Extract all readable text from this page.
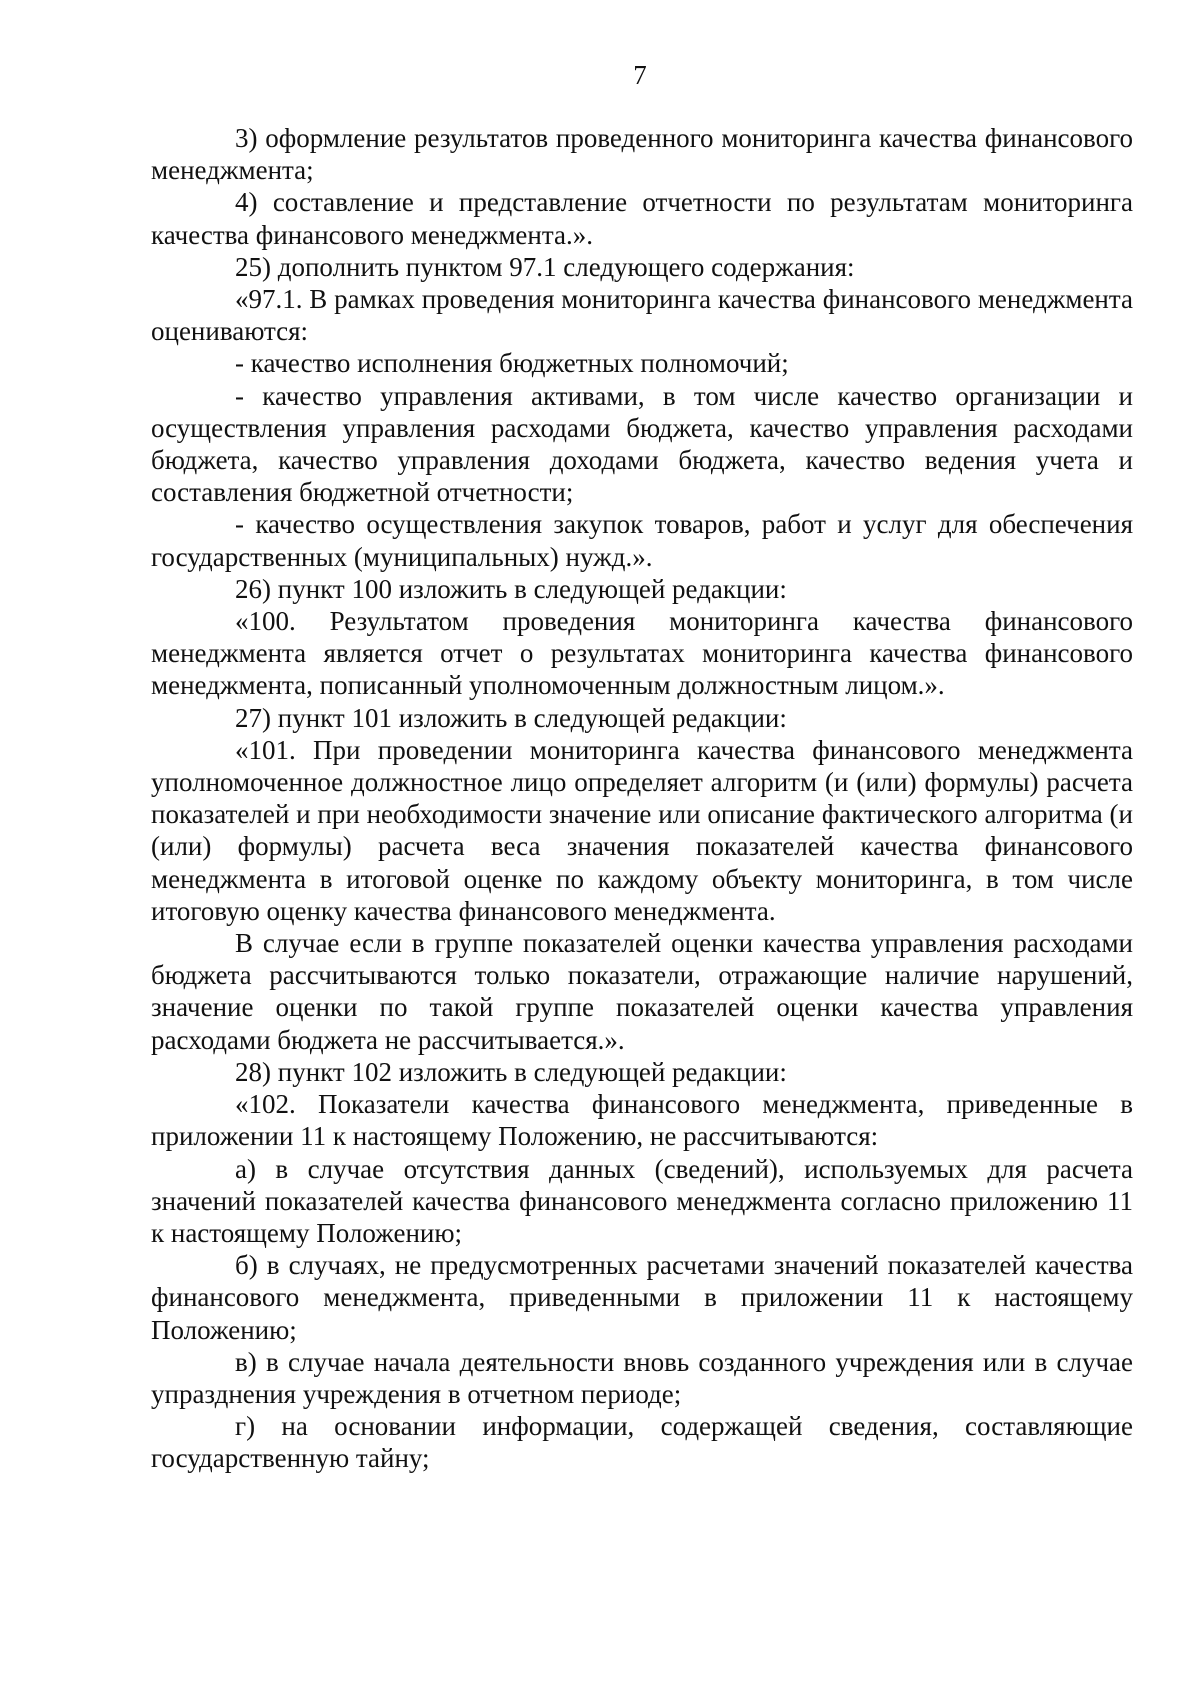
7

3) оформление результатов проведенного мониторинга качества финансового менеджмента;

4) составление и представление отчетности по результатам мониторинга качества финансового менеджмента.».

25) дополнить пунктом 97.1 следующего содержания:

«97.1. В рамках проведения мониторинга качества финансового менеджмента оцениваются:

- качество исполнения бюджетных полномочий;

- качество управления активами, в том числе качество организации и осуществления управления расходами бюджета, качество управления расходами бюджета, качество управления доходами бюджета, качество ведения учета и составления бюджетной отчетности;

- качество осуществления закупок товаров, работ и услуг для обеспечения государственных (муниципальных) нужд.».

26) пункт 100 изложить в следующей редакции:

«100. Результатом проведения мониторинга качества финансового менеджмента является отчет о результатах мониторинга качества финансового менеджмента, пописанный уполномоченным должностным лицом.».

27) пункт 101 изложить в следующей редакции:

«101. При проведении мониторинга качества финансового менеджмента уполномоченное должностное лицо определяет алгоритм (и (или) формулы) расчета показателей и при необходимости значение или описание фактического алгоритма (и (или) формулы) расчета веса значения показателей качества финансового менеджмента в итоговой оценке по каждому объекту мониторинга, в том числе итоговую оценку качества финансового менеджмента.

В случае если в группе показателей оценки качества управления расходами бюджета рассчитываются только показатели, отражающие наличие нарушений, значение оценки по такой группе показателей оценки качества управления расходами бюджета не рассчитывается.».

28) пункт 102 изложить в следующей редакции:

«102. Показатели качества финансового менеджмента, приведенные в приложении 11 к настоящему Положению, не рассчитываются:

а) в случае отсутствия данных (сведений), используемых для расчета значений показателей качества финансового менеджмента согласно приложению 11 к настоящему Положению;

б) в случаях, не предусмотренных расчетами значений показателей качества финансового менеджмента, приведенными в приложении 11 к настоящему Положению;

в) в случае начала деятельности вновь созданного учреждения или в случае упразднения учреждения в отчетном периоде;

г) на основании информации, содержащей сведения, составляющие государственную тайну;
